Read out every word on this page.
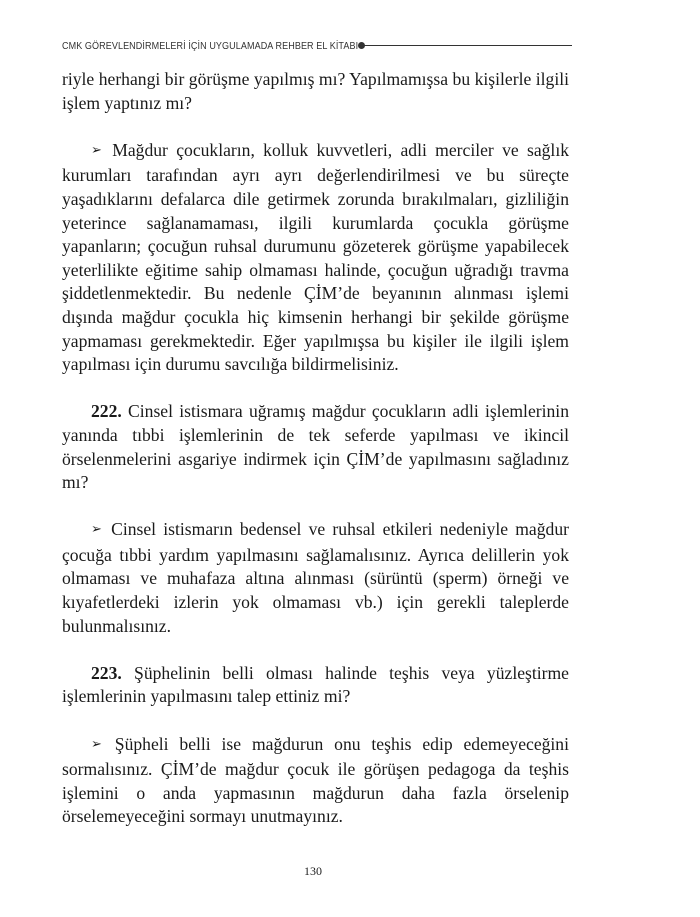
CMK GÖREVLENDİRMELERİ İÇİN UYGULAMADA REHBER EL KİTABI

riyle herhangi bir görüşme yapılmış mı? Yapılmamışsa bu kişilerle ilgili işlem yaptınız mı?

➢ Mağdur çocukların, kolluk kuvvetleri, adli merciler ve sağlık kurumları tarafından ayrı ayrı değerlendirilmesi ve bu süreçte yaşadıklarını defalarca dile getirmek zorunda bırakılmaları, gizliliğin yeterince sağlanamaması, ilgili kurumlarda çocukla görüşme yapanların; çocuğun ruhsal durumunu gözeterek görüşme yapabilecek yeterlilikte eğitime sahip olmaması halinde, çocuğun uğradığı travma şiddetlenmektedir. Bu nedenle ÇİM’de beyanının alınması işlemi dışında mağdur çocukla hiç kimsenin herhangi bir şekilde görüşme yapmaması gerekmektedir. Eğer yapılmışsa bu kişiler ile ilgili işlem yapılması için durumu savcılığa bildirmelisiniz.

222. Cinsel istismara uğramış mağdur çocukların adli işlemlerinin yanında tıbbi işlemlerinin de tek seferde yapılması ve ikincil örselenmelerini asgariye indirmek için ÇİM’de yapılmasını sağladınız mı?

➢ Cinsel istismarın bedensel ve ruhsal etkileri nedeniyle mağdur çocuğa tıbbi yardım yapılmasını sağlamalısınız. Ayrıca delillerin yok olmaması ve muhafaza altına alınması (sürüntü (sperm) örneği ve kıyafetlerdeki izlerin yok olmaması vb.) için gerekli taleplerde bulunmalısınız.

223. Şüphelinin belli olması halinde teşhis veya yüzleştirme işlemlerinin yapılmasını talep ettiniz mi?

➢ Şüpheli belli ise mağdurun onu teşhis edip edemeyeceğini sormalısınız. ÇİM’de mağdur çocuk ile görüşen pedagoga da teşhis işlemini o anda yapmasının mağdurun daha fazla örselenip örselemeyeceğini sormayı unutmayınız.

130
